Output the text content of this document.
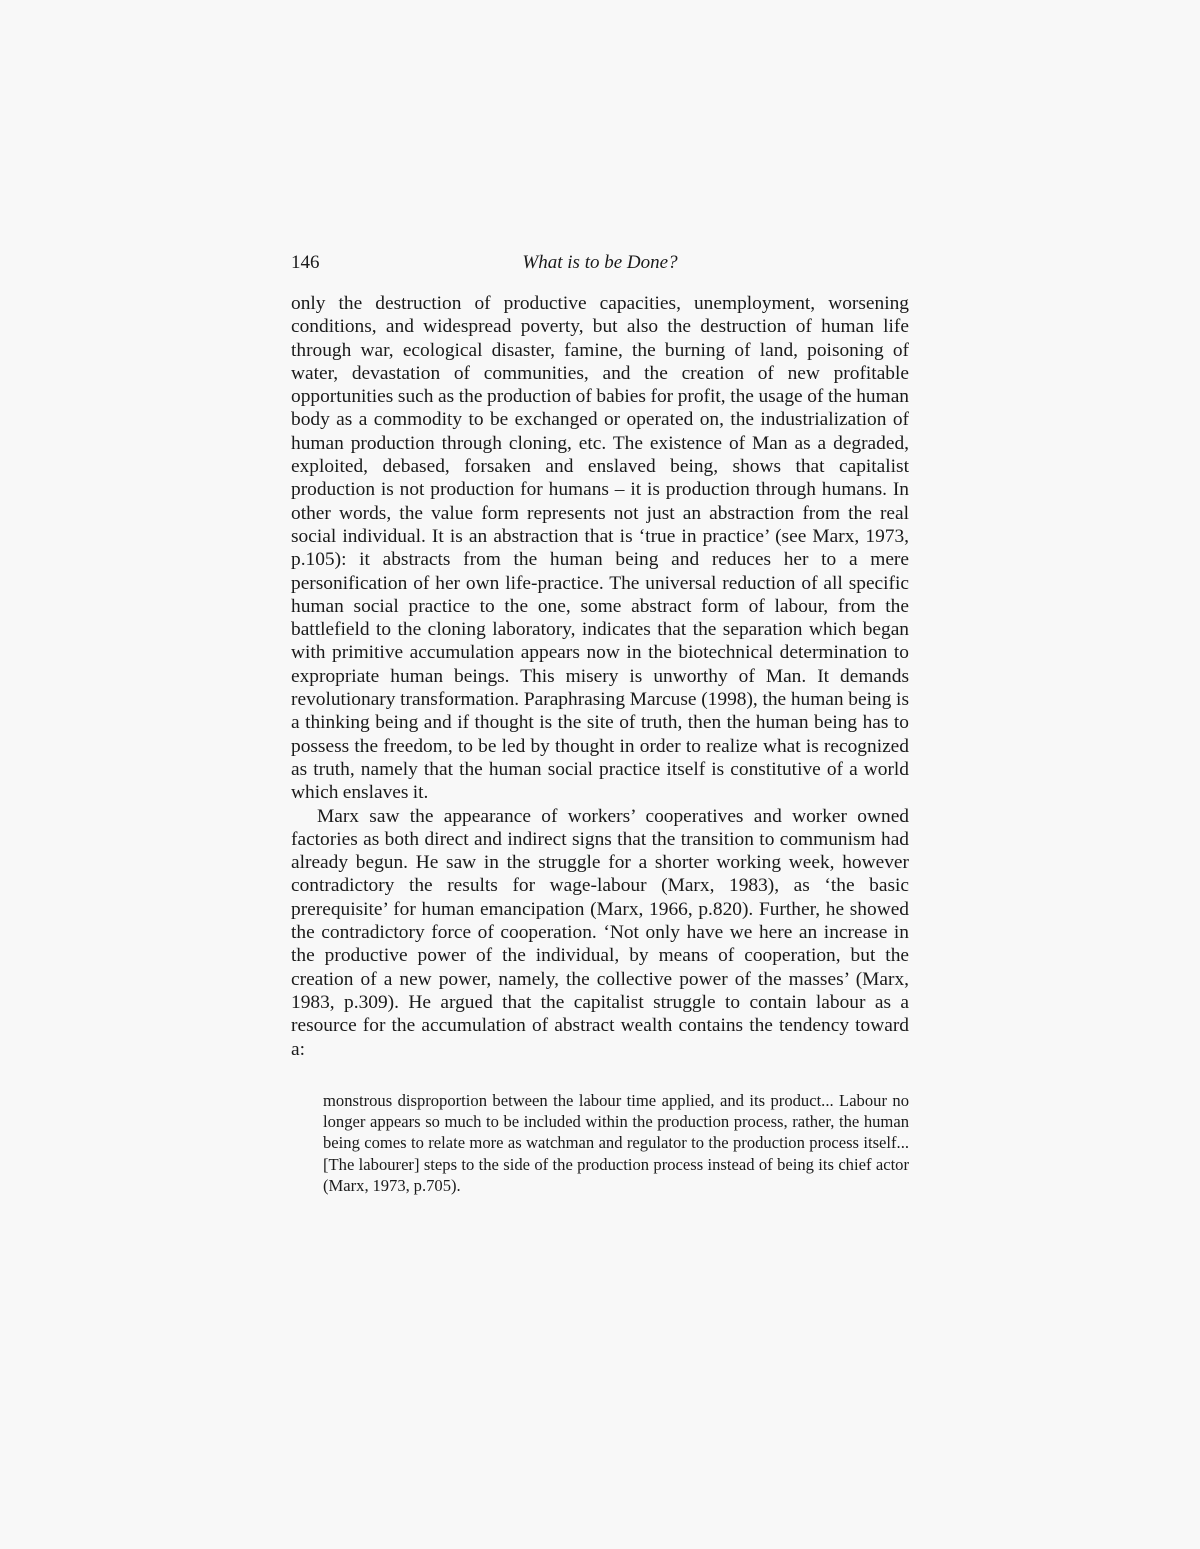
146	What is to be Done?

only the destruction of productive capacities, unemployment, worsening conditions, and widespread poverty, but also the destruction of human life through war, ecological disaster, famine, the burning of land, poisoning of water, devastation of communities, and the creation of new profitable opportunities such as the production of babies for profit, the usage of the human body as a commodity to be exchanged or operated on, the industrialization of human production through cloning, etc. The existence of Man as a degraded, exploited, debased, forsaken and enslaved being, shows that capitalist production is not production for humans – it is production through humans. In other words, the value form represents not just an abstraction from the real social individual. It is an abstraction that is ‘true in practice’ (see Marx, 1973, p.105): it abstracts from the human being and reduces her to a mere personification of her own life-practice. The universal reduction of all specific human social practice to the one, some abstract form of labour, from the battlefield to the cloning laboratory, indicates that the separation which began with primitive accumulation appears now in the biotechnical determination to expropriate human beings. This misery is unworthy of Man. It demands revolutionary transformation. Paraphrasing Marcuse (1998), the human being is a thinking being and if thought is the site of truth, then the human being has to possess the freedom, to be led by thought in order to realize what is recognized as truth, namely that the human social practice itself is constitutive of a world which enslaves it.

Marx saw the appearance of workers’ cooperatives and worker owned factories as both direct and indirect signs that the transition to communism had already begun. He saw in the struggle for a shorter working week, however contradictory the results for wage-labour (Marx, 1983), as ‘the basic prerequisite’ for human emancipation (Marx, 1966, p.820). Further, he showed the contradictory force of cooperation. ‘Not only have we here an increase in the productive power of the individual, by means of cooperation, but the creation of a new power, namely, the collective power of the masses’ (Marx, 1983, p.309). He argued that the capitalist struggle to contain labour as a resource for the accumulation of abstract wealth contains the tendency toward a:

monstrous disproportion between the labour time applied, and its product... Labour no longer appears so much to be included within the production process, rather, the human being comes to relate more as watchman and regulator to the production process itself...[The labourer] steps to the side of the production process instead of being its chief actor (Marx, 1973, p.705).
